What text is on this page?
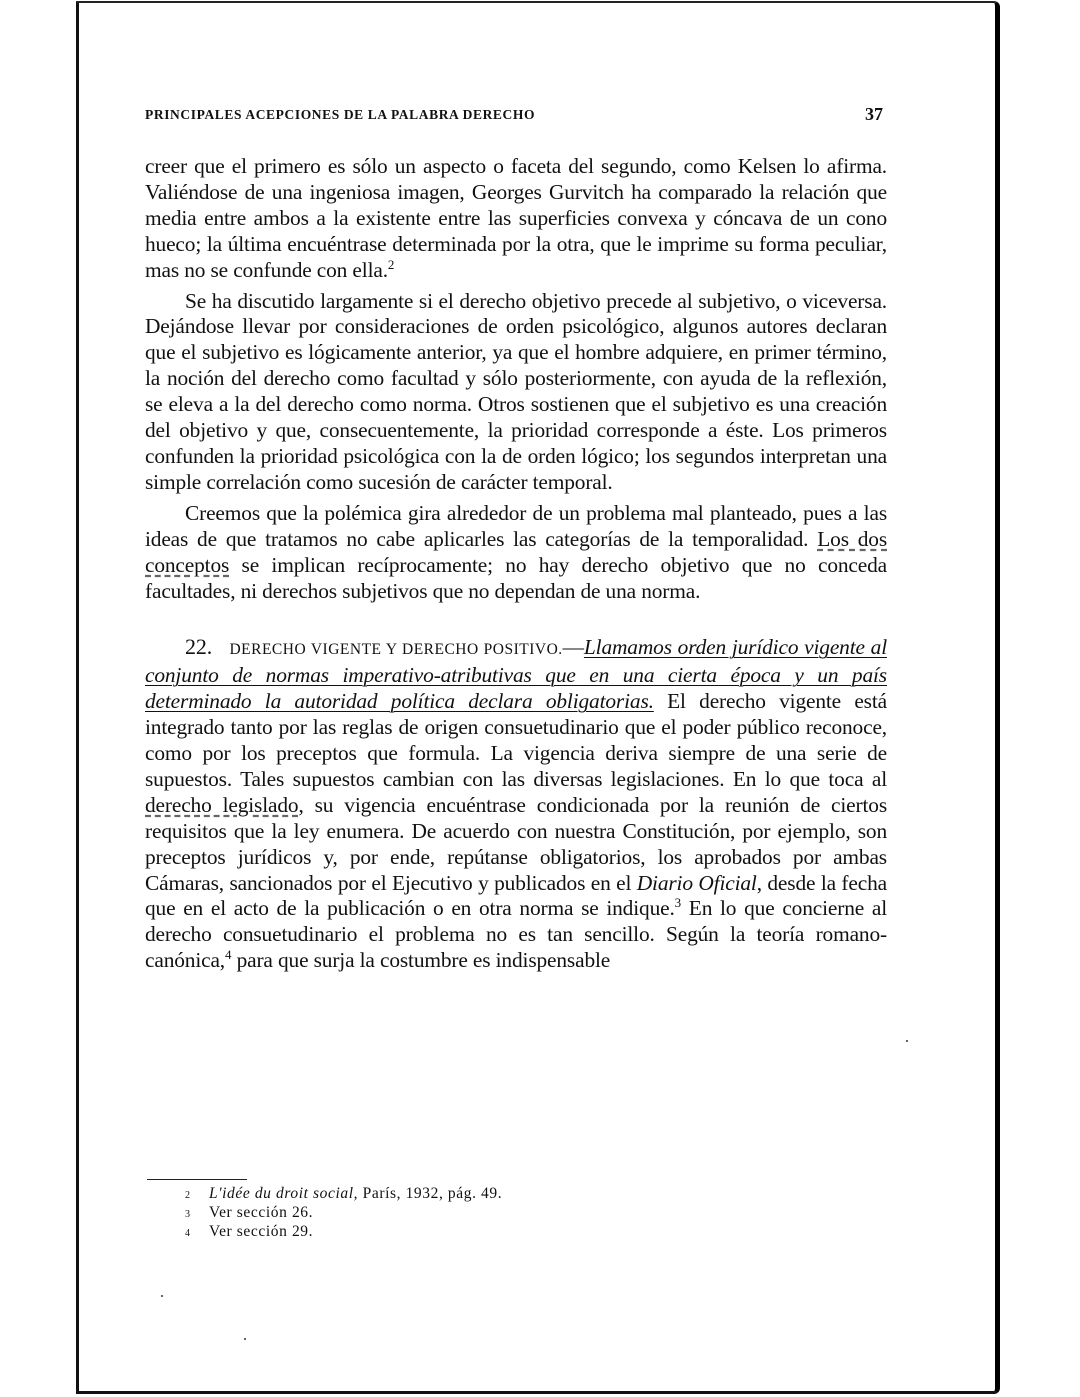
PRINCIPALES ACEPCIONES DE LA PALABRA DERECHO	37

creer que el primero es sólo un aspecto o faceta del segundo, como Kelsen lo afirma. Valiéndose de una ingeniosa imagen, Georges Gurvitch ha comparado la relación que media entre ambos a la existente entre las superficies convexa y cóncava de un cono hueco; la última encuéntrase determinada por la otra, que le imprime su forma peculiar, mas no se confunde con ella.$^2$

Se ha discutido largamente si el derecho objetivo precede al subjetivo, o viceversa. Dejándose llevar por consideraciones de orden psicológico, algunos autores declaran que el subjetivo es lógicamente anterior, ya que el hombre adquiere, en primer término, la noción del derecho como facultad y sólo posteriormente, con ayuda de la reflexión, se eleva a la del derecho como norma. Otros sostienen que el subjetivo es una creación del objetivo y que, consecuentemente, la prioridad corresponde a éste. Los primeros confunden la prioridad psicológica con la de orden lógico; los segundos interpretan una simple correlación como sucesión de carácter temporal.

Creemos que la polémica gira alrededor de un problema mal planteado, pues a las ideas de que tratamos no cabe aplicarles las categorías de la temporalidad. Los dos conceptos se implican recíprocamente; no hay derecho objetivo que no conceda facultades, ni derechos subjetivos que no dependan de una norma.

22. DERECHO VIGENTE Y DERECHO POSITIVO.—Llamamos orden jurídico vigente al conjunto de normas imperativo-atributivas que en una cierta época y un país determinado la autoridad política declara obligatorias. El derecho vigente está integrado tanto por las reglas de origen consuetudinario que el poder público reconoce, como por los preceptos que formula. La vigencia deriva siempre de una serie de supuestos. Tales supuestos cambian con las diversas legislaciones. En lo que toca al derecho legislado, su vigencia encuéntrase condicionada por la reunión de ciertos requisitos que la ley enumera. De acuerdo con nuestra Constitución, por ejemplo, son preceptos jurídicos y, por ende, repútanse obligatorios, los aprobados por ambas Cámaras, sancionados por el Ejecutivo y publicados en el Diario Oficial, desde la fecha que en el acto de la publicación o en otra norma se indique.$^3$ En lo que concierne al derecho consuetudinario el problema no es tan sencillo. Según la teoría romano-canónica,$^4$ para que surja la costumbre es indispensable

2 L'idée du droit social, París, 1932, pág. 49.
3 Ver sección 26.
4 Ver sección 29.
